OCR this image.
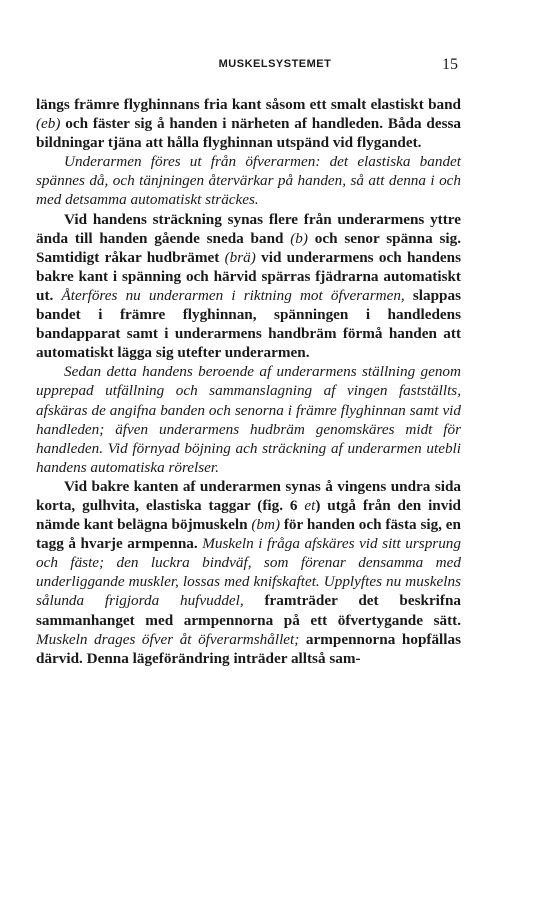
MUSKELSYSTEMET	15

längs främre flyghinnans fria kant såsom ett smalt elastiskt band (eb) och fäster sig å handen i närheten af handleden. Båda dessa bildningar tjäna att hålla flyghinnan utspänd vid flygandet.

Underarmen föres ut från öfverarmen: det elastiska bandet spännes då, och tänjningen återvärkar på handen, så att denna i och med detsamma automatiskt sträckes.

Vid handens sträckning synas flere från underarmens yttre ända till handen gående sneda band (b) och senor spänna sig. Samtidigt råkar hudbrämet (brä) vid underarmens och handens bakre kant i spänning och härvid spärras fjädrarna automatiskt ut. Återföres nu underarmen i riktning mot öfverarmen, slappas bandet i främre flyghinnan, spänningen i handledens bandapparat samt i underarmens handbräm förmå handen att automatiskt lägga sig utefter underarmen.

Sedan detta handens beroende af underarmens ställning genom upprepad utfällning och sammanslagning af vingen fastställts, afskäras de angifna banden och senorna i främre flyghinnan samt vid handleden; äfven underarmens hudbräm genomskäres midt för handleden. Vid förnyad böjning ach sträckning af underarmen utebli handens automatiska rörelser.

Vid bakre kanten af underarmen synas å vingens undra sida korta, gulhvita, elastiska taggar (fig. 6 et) utgå från den invid nämde kant belägna böjmuskeln (bm) för handen och fästa sig, en tagg å hvarje armpenna. Muskeln i fråga afskäres vid sitt ursprung och fäste; den luckra bindväf, som förenar densamma med underliggande muskler, lossas med knifskaftet. Upplyftes nu muskelns sålunda frigjorda hufvuddel, framträder det beskrifna sammanhanget med armpennorna på ett öfvertygande sätt. Muskeln drages öfver åt öfverarmshållet; armpennorna hopfällas därvid. Denna lägeförändring inträder alltså sam-
